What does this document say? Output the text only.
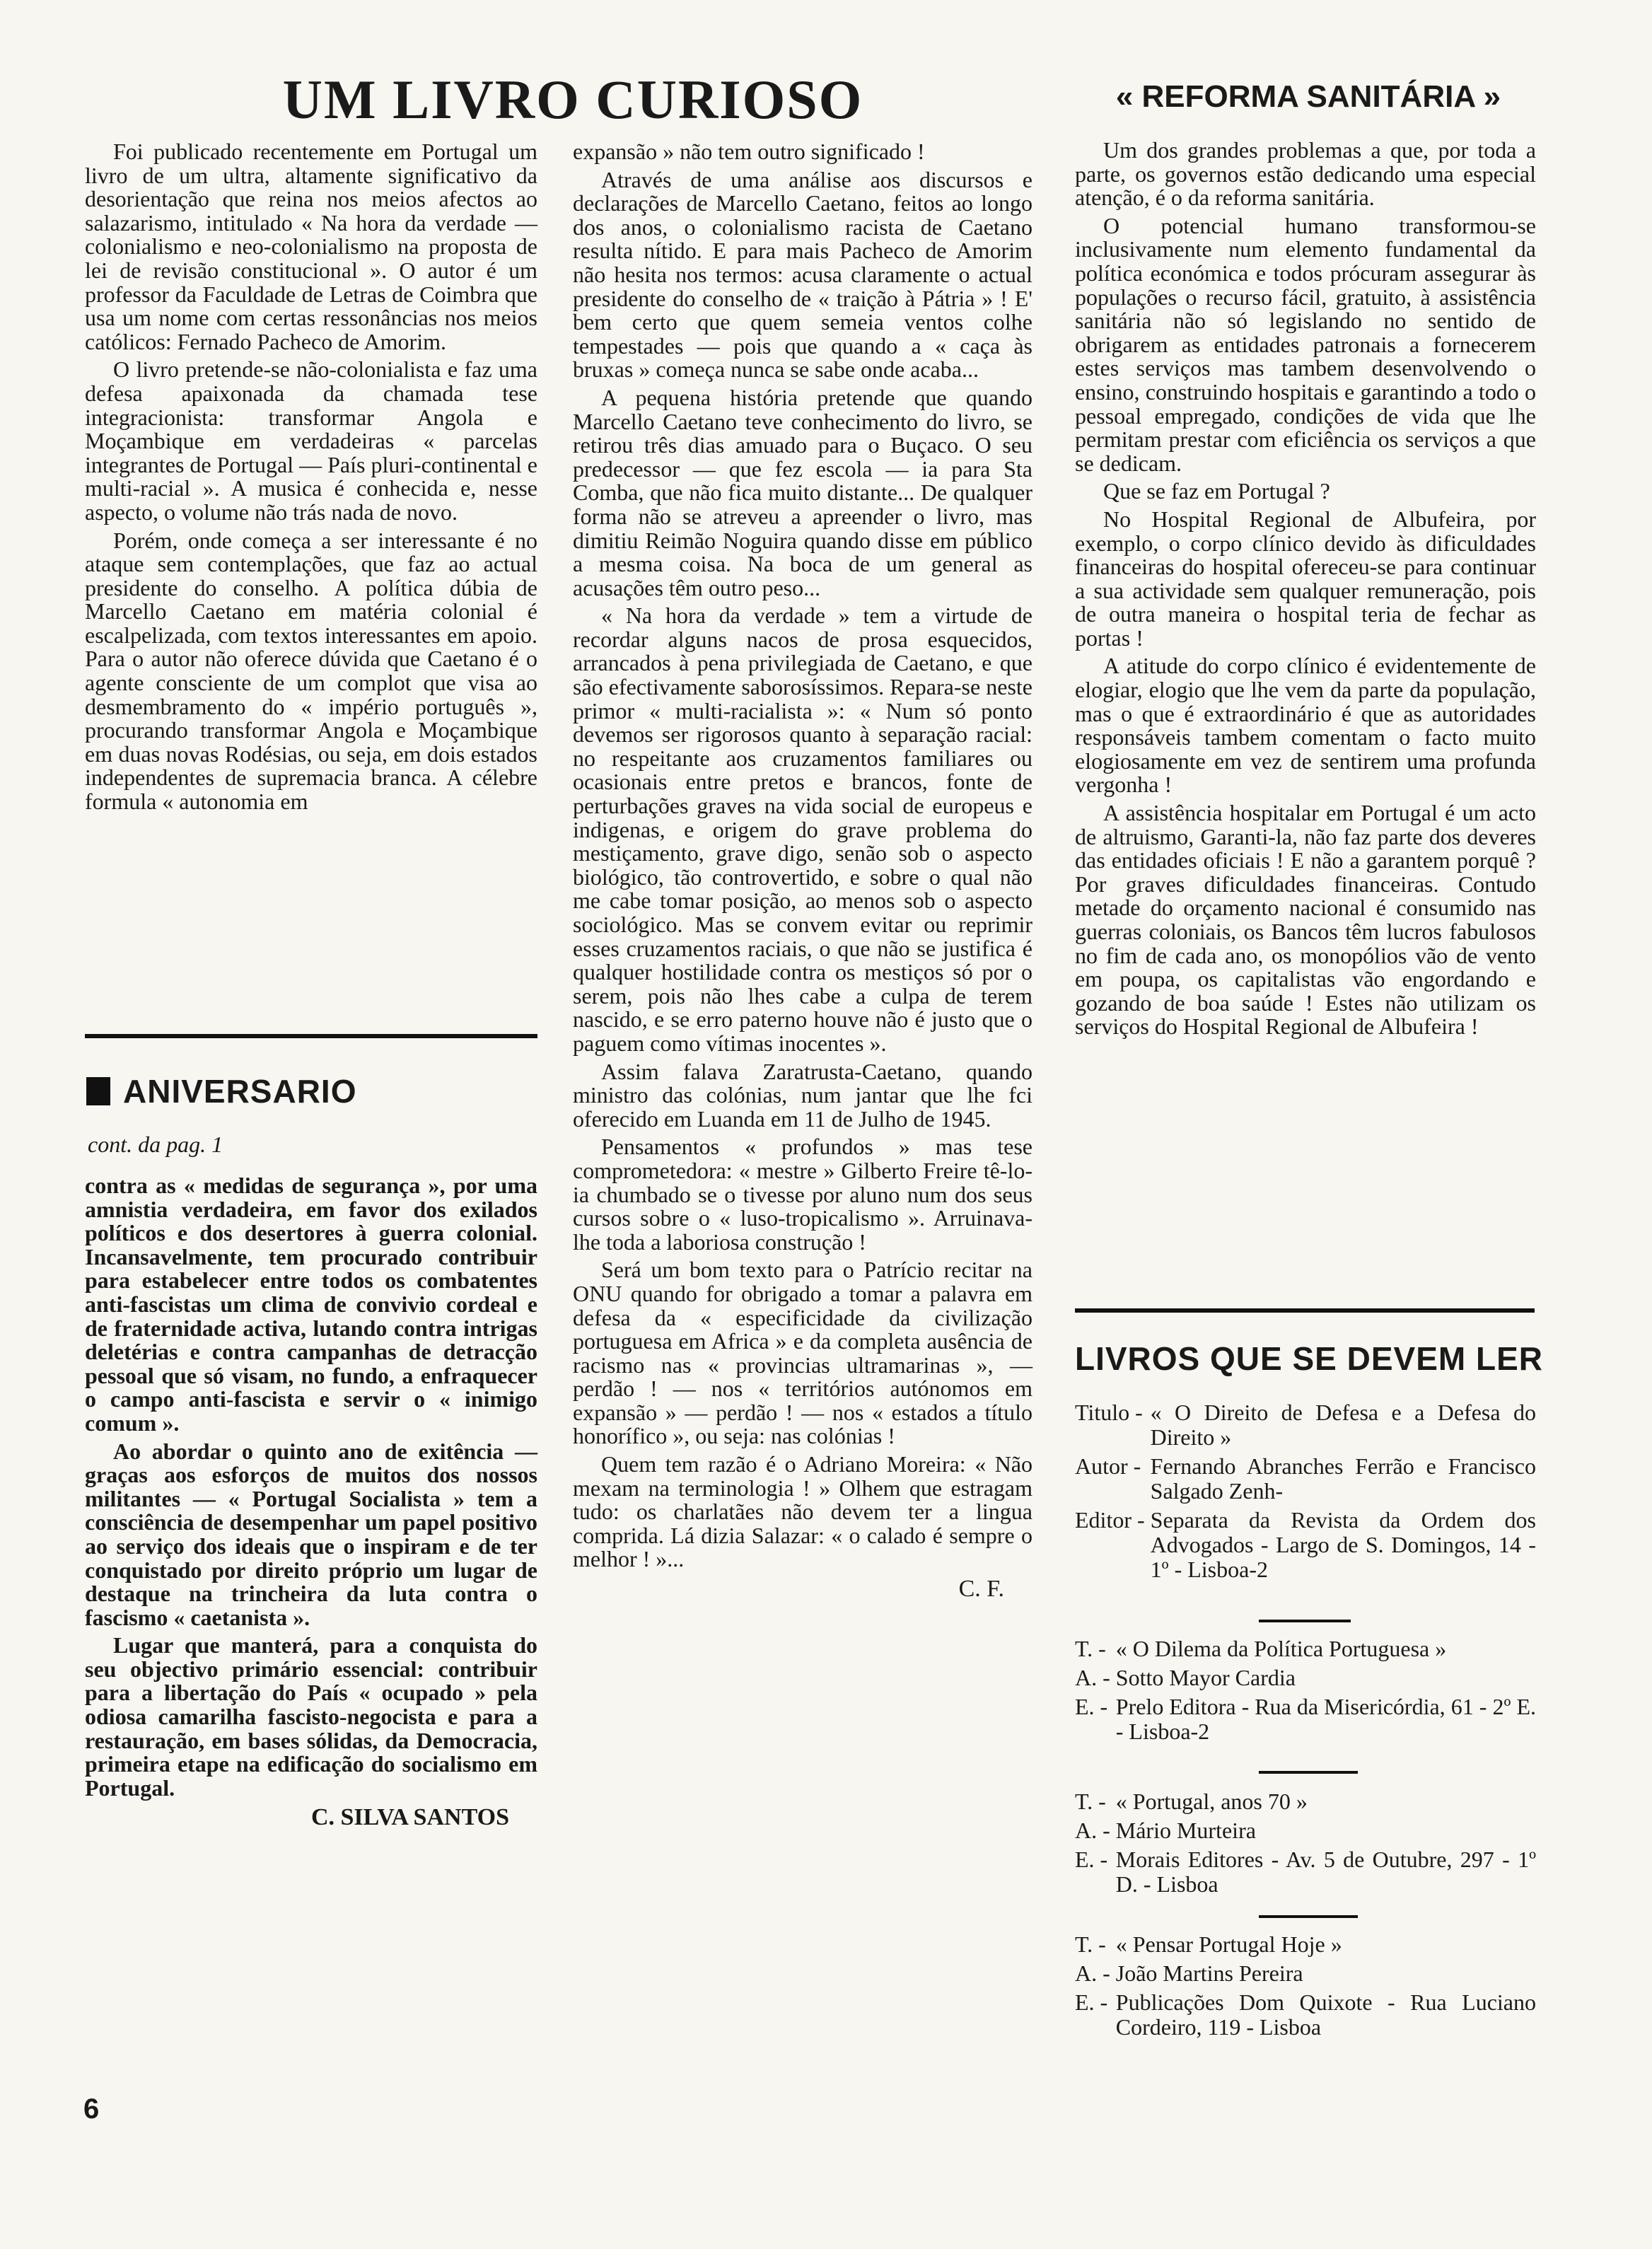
UM LIVRO CURIOSO	« REFORMA SANITÁRIA »

Foi publicado recentemente em Portugal um livro de um ultra, altamente significativo da desorientação que reina nos meios afectos ao salazarismo, intitulado « Na hora da verdade — colonialismo e neo-colonialismo na proposta de lei de revisão constitucional ». O autor é um professor da Faculdade de Letras de Coimbra que usa um nome com certas ressonâncias nos meios católicos: Fernado Pacheco de Amorim.

O livro pretende-se não-colonialista e faz uma defesa apaixonada da chamada tese integracionista: transformar Angola e Moçambique em verdadeiras « parcelas integrantes de Portugal — País pluri-continental e multi-racial ». A musica é conhecida e, nesse aspecto, o volume não trás nada de novo.

Porém, onde começa a ser interessante é no ataque sem contemplações, que faz ao actual presidente do conselho. A política dúbia de Marcello Caetano em matéria colonial é escalpelizada, com textos interessantes em apoio. Para o autor não oferece dúvida que Caetano é o agente consciente de um complot que visa ao desmembramento do « império português », procurando transformar Angola e Moçambique em duas novas Rodésias, ou seja, em dois estados independentes de supremacia branca. A célebre formula « autonomia em

ANIVERSARIO
cont. da pag. 1

contra as « medidas de segurança », por uma amnistia verdadeira, em favor dos exilados políticos e dos desertores à guerra colonial. Incansavelmente, tem procurado contribuir para estabelecer entre todos os combatentes anti-fascistas um clima de convivio cordeal e de fraternidade activa, lutando contra intrigas deletérias e contra campanhas de detracção pessoal que só visam, no fundo, a enfraquecer o campo anti-fascista e servir o « inimigo comum ».

Ao abordar o quinto ano de exitência — graças aos esforços de muitos dos nossos militantes — « Portugal Socialista » tem a consciência de desempenhar um papel positivo ao serviço dos ideais que o inspiram e de ter conquistado por direito próprio um lugar de destaque na trincheira da luta contra o fascismo « caetanista ».

Lugar que manterá, para a conquista do seu objectivo primário essencial: contribuir para a libertação do País « ocupado » pela odiosa camarilha fascisto-negocista e para a restauração, em bases sólidas, da Democracia, primeira etape na edificação do socialismo em Portugal.

C. SILVA SANTOS

expansão » não tem outro significado !

Através de uma análise aos discursos e declarações de Marcello Caetano, feitos ao longo dos anos, o colonialismo racista de Caetano resulta nítido. E para mais Pacheco de Amorim não hesita nos termos: acusa claramente o actual presidente do conselho de « traição à Pátria » ! E' bem certo que quem semeia ventos colhe tempestades — pois que quando a « caça às bruxas » começa nunca se sabe onde acaba...

A pequena história pretende que quando Marcello Caetano teve conhecimento do livro, se retirou três dias amuado para o Buçaco. O seu predecessor — que fez escola — ia para Sta Comba, que não fica muito distante... De qualquer forma não se atreveu a apreender o livro, mas dimitiu Reimão Noguira quando disse em público a mesma coisa. Na boca de um general as acusações têm outro peso...

« Na hora da verdade » tem a virtude de recordar alguns nacos de prosa esquecidos, arrancados à pena privilegiada de Caetano, e que são efectivamente saborosíssimos. Repara-se neste primor « multi-racialista »: « Num só ponto devemos ser rigorosos quanto à separação racial: no respeitante aos cruzamentos familiares ou ocasionais entre pretos e brancos, fonte de perturbações graves na vida social de europeus e indigenas, e origem do grave problema do mestiçamento, grave digo, senão sob o aspecto biológico, tão controvertido, e sobre o qual não me cabe tomar posição, ao menos sob o aspecto sociológico. Mas se convem evitar ou reprimir esses cruzamentos raciais, o que não se justifica é qualquer hostilidade contra os mestiços só por o serem, pois não lhes cabe a culpa de terem nascido, e se erro paterno houve não é justo que o paguem como vítimas inocentes ».

Assim falava Zaratrusta-Caetano, quando ministro das colónias, num jantar que lhe fci oferecido em Luanda em 11 de Julho de 1945.

Pensamentos « profundos » mas tese comprometedora: « mestre » Gilberto Freire tê-lo-ia chumbado se o tivesse por aluno num dos seus cursos sobre o « luso-tropicalismo ». Arruinava-lhe toda a laboriosa construção !

Será um bom texto para o Patrício recitar na ONU quando for obrigado a tomar a palavra em defesa da « especificidade da civilização portuguesa em Africa » e da completa ausência de racismo nas « provincias ultramarinas », — perdão ! — nos « territórios autónomos em expansão » — perdão ! — nos « estados a título honorífico », ou seja: nas colónias !

Quem tem razão é o Adriano Moreira: « Não mexam na terminologia ! » Olhem que estragam tudo: os charlatães não devem ter a lingua comprida. Lá dizia Salazar: « o calado é sempre o melhor ! »...

C. F.

Um dos grandes problemas a que, por toda a parte, os governos estão dedicando uma especial atenção, é o da reforma sanitária.

O potencial humano transformou-se inclusivamente num elemento fundamental da política económica e todos prócuram assegurar às populações o recurso fácil, gratuito, à assistência sanitária não só legislando no sentido de obrigarem as entidades patronais a fornecerem estes serviços mas tambem desenvolvendo o ensino, construindo hospitais e garantindo a todo o pessoal empregado, condições de vida que lhe permitam prestar com eficiência os serviços a que se dedicam.

Que se faz em Portugal ?

No Hospital Regional de Albufeira, por exemplo, o corpo clínico devido às dificuldades financeiras do hospital ofereceu-se para continuar a sua actividade sem qualquer remuneração, pois de outra maneira o hospital teria de fechar as portas !

A atitude do corpo clínico é evidentemente de elogiar, elogio que lhe vem da parte da população, mas o que é extraordinário é que as autoridades responsáveis tambem comentam o facto muito elogiosamente em vez de sentirem uma profunda vergonha !

A assistência hospitalar em Portugal é um acto de altruismo, Garanti-la, não faz parte dos deveres das entidades oficiais ! E não a garantem porquê ? Por graves dificuldades financeiras. Contudo metade do orçamento nacional é consumido nas guerras coloniais, os Bancos têm lucros fabulosos no fim de cada ano, os monopólios vão de vento em poupa, os capitalistas vão engordando e gozando de boa saúde ! Estes não utilizam os serviços do Hospital Regional de Albufeira !

LIVROS QUE SE DEVEM LER
Titulo -	« O Direito de Defesa e a Defesa do Direito »
Autor -	Fernando Abranches Ferrão e Francisco Salgado Zenh-
Editor -	Separata da Revista da Ordem dos Advogados - Largo de S. Domingos, 14 - 1º - Lisboa-2
T. -	« O Dilema da Política Portuguesa »
A. -	Sotto Mayor Cardia
E. -	Prelo Editora - Rua da Misericórdia, 61 - 2º E. - Lisboa-2
T. -	« Portugal, anos 70 »
A. -	Mário Murteira
E. -	Morais Editores - Av. 5 de Outubre, 297 - 1º D. - Lisboa
T. -	« Pensar Portugal Hoje »
A. -	João Martins Pereira
E. -	Publicações Dom Quixote - Rua Luciano Cordeiro, 119 - Lisboa
6
